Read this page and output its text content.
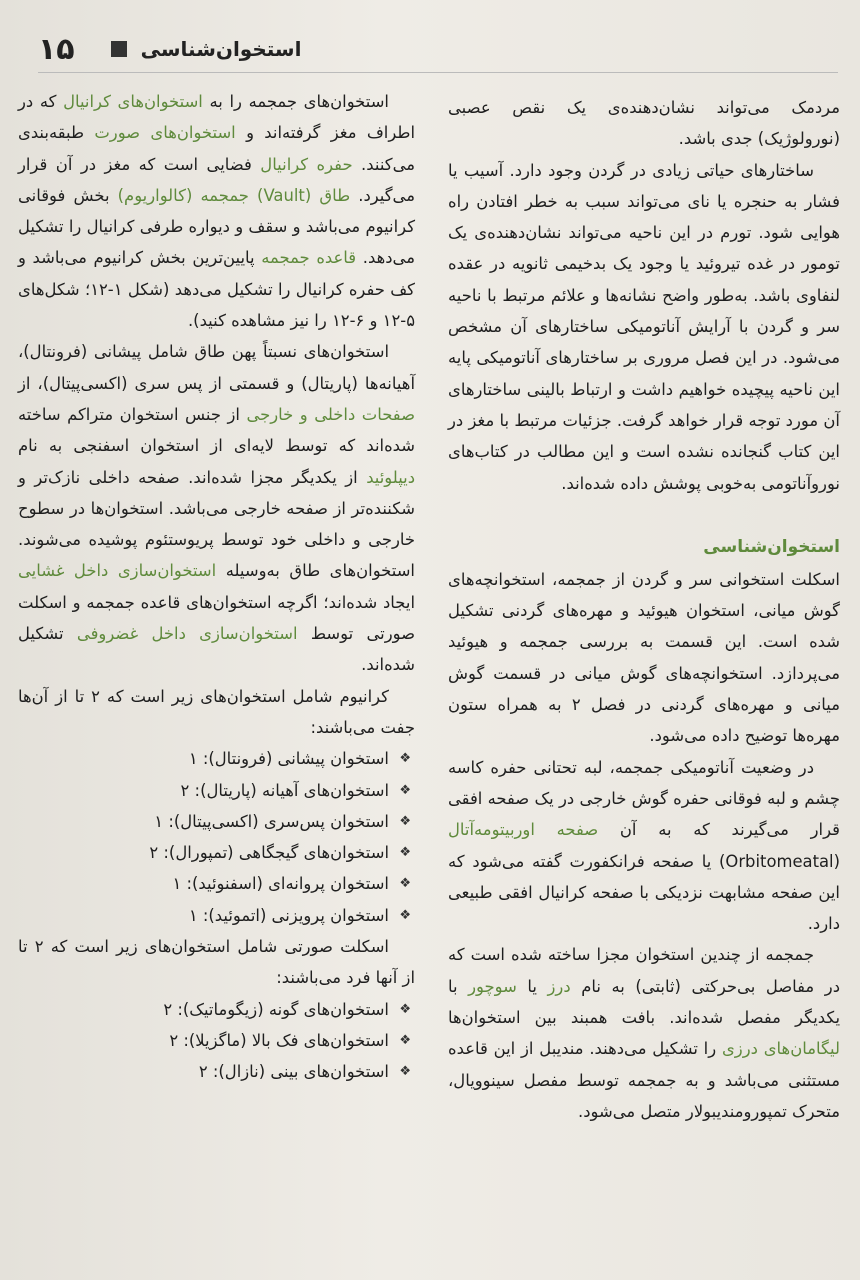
۱۵	استخوان‌شناسی

مردمک می‌تواند نشان‌دهنده‌ی یک نقص عصبی (نورولوژیک) جدی باشد.

ساختارهای حیاتی زیادی در گردن وجود دارد. آسیب یا فشار به حنجره یا نای می‌تواند سبب به خطر افتادن راه هوایی شود. تورم در این ناحیه می‌تواند نشان‌دهنده‌ی یک تومور در غده تیروئید یا وجود یک بدخیمی ثانویه در عقده لنفاوی باشد. به‌طور واضح نشانه‌ها و علائم مرتبط با ناحیه سر و گردن با آرایش آناتومیکی ساختارهای آن مشخص می‌شود. در این فصل مروری بر ساختارهای آناتومیکی پایه این ناحیه پیچیده خواهیم داشت و ارتباط بالینی ساختارهای آن مورد توجه قرار خواهد گرفت. جزئیات مرتبط با مغز در این کتاب گنجانده نشده است و این مطالب در کتاب‌های نوروآناتومی به‌خوبی پوشش داده شده‌اند.

استخوان‌شناسی

اسکلت استخوانی سر و گردن از جمجمه، استخوانچه‌های گوش میانی، استخوان هیوئید و مهره‌های گردنی تشکیل شده است. این قسمت به بررسی جمجمه و هیوئید می‌پردازد. استخوانچه‌های گوش میانی در قسمت گوش میانی و مهره‌های گردنی در فصل ۲ به همراه ستون مهره‌ها توضیح داده می‌شود.

در وضعیت آناتومیکی جمجمه، لبه تحتانی حفره کاسه چشم و لبه فوقانی حفره گوش خارجی در یک صفحه افقی قرار می‌گیرند که به آن صفحه اوربیتومه‌آتال (Orbitomeatal) یا صفحه فرانکفورت گفته می‌شود که این صفحه مشابهت نزدیکی با صفحه کرانیال افقی طبیعی دارد.

جمجمه از چندین استخوان مجزا ساخته شده است که در مفاصل بی‌حرکتی (ثابتی) به نام درز یا سوچور با یکدیگر مفصل شده‌اند. بافت همبند بین استخوان‌ها لیگامان‌های درزی را تشکیل می‌دهند. مندیبل از این قاعده مستثنی می‌باشد و به جمجمه توسط مفصل سینوویال، متحرک تمپورومندیبولار متصل می‌شود.

استخوان‌های جمجمه را به استخوان‌های کرانیال که در اطراف مغز گرفته‌اند و استخوان‌های صورت طبقه‌بندی می‌کنند. حفره کرانیال فضایی است که مغز در آن قرار می‌گیرد. طاق (Vault) جمجمه (کالواریوم) بخش فوقانی کرانیوم می‌باشد و سقف و دیواره طرفی کرانیال را تشکیل می‌دهد. قاعده جمجمه پایین‌ترین بخش کرانیوم می‌باشد و کف حفره کرانیال را تشکیل می‌دهد (شکل ۱-۱۲؛ شکل‌های ۵-۱۲ و ۶-۱۲ را نیز مشاهده کنید).

استخوان‌های نسبتاً پهن طاق شامل پیشانی (فرونتال)، آهیانه‌ها (پاریتال) و قسمتی از پس سری (اکسی‌پیتال)، از صفحات داخلی و خارجی از جنس استخوان متراکم ساخته شده‌اند که توسط لایه‌ای از استخوان اسفنجی به نام دیپلوئید از یکدیگر مجزا شده‌اند. صفحه داخلی نازک‌تر و شکننده‌تر از صفحه خارجی می‌باشد. استخوان‌ها در سطوح خارجی و داخلی خود توسط پریوستئوم پوشیده می‌شوند. استخوان‌های طاق به‌وسیله استخوان‌سازی داخل غشایی ایجاد شده‌اند؛ اگرچه استخوان‌های قاعده جمجمه و اسکلت صورتی توسط استخوان‌سازی داخل غضروفی تشکیل شده‌اند.

کرانیوم شامل استخوان‌های زیر است که ۲ تا از آن‌ها جفت می‌باشند:

❖ استخوان پیشانی (فرونتال): ۱
❖ استخوان‌های آهیانه (پاریتال): ۲
❖ استخوان پس‌سری (اکسی‌پیتال): ۱
❖ استخوان‌های گیجگاهی (تمپورال): ۲
❖ استخوان پروانه‌ای (اسفنوئید): ۱
❖ استخوان پرویزنی (اتموئید): ۱

اسکلت صورتی شامل استخوان‌های زیر است که ۲ تا از آنها فرد می‌باشند:

❖ استخوان‌های گونه (زیگوماتیک): ۲
❖ استخوان‌های فک بالا (ماگزیلا): ۲
❖ استخوان‌های بینی (نازال): ۲
